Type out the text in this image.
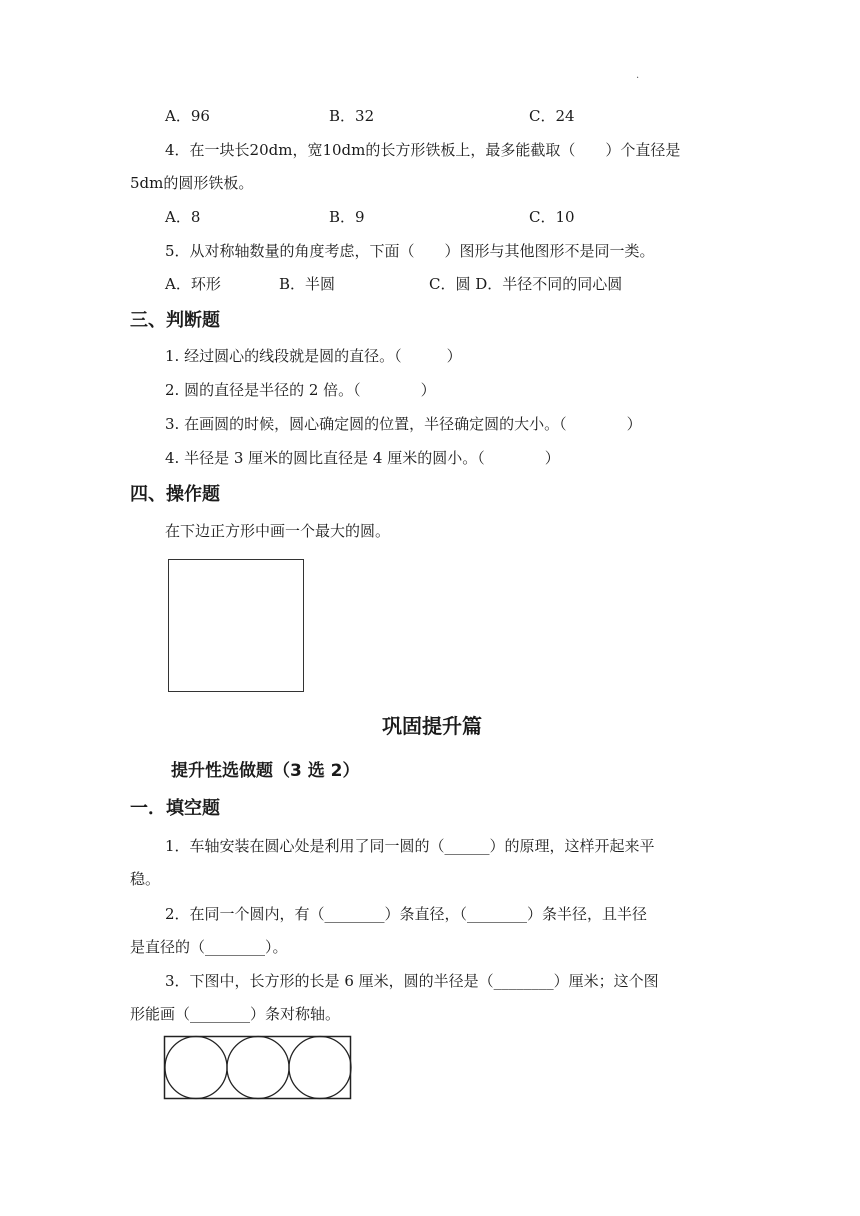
.
A．96	B．32	C．24
4．在一块长20dm，宽10dm的长方形铁板上，最多能截取（　　）个直径是
5dm的圆形铁板。
A．8	B．9	C．10
5．从对称轴数量的角度考虑，下面（　　）图形与其他图形不是同一类。
A．环形	B．半圆	C．圆 D．半径不同的同心圆
三、判断题
1. 经过圆心的线段就是圆的直径。（　　　）
2. 圆的直径是半径的 2 倍。（　　　　）
3. 在画圆的时候，圆心确定圆的位置，半径确定圆的大小。（　　　　）
4. 半径是 3 厘米的圆比直径是 4 厘米的圆小。（　　　　）
四、操作题
在下边正方形中画一个最大的圆。
巩固提升篇
提升性选做题（3 选 2）
一．填空题
1．车轴安装在圆心处是利用了同一圆的（______）的原理，这样开起来平
稳。
2．在同一个圆内，有（________）条直径，（________）条半径，且半径
是直径的（________）。
3．下图中，长方形的长是 6 厘米，圆的半径是（________）厘米；这个图
形能画（________）条对称轴。
